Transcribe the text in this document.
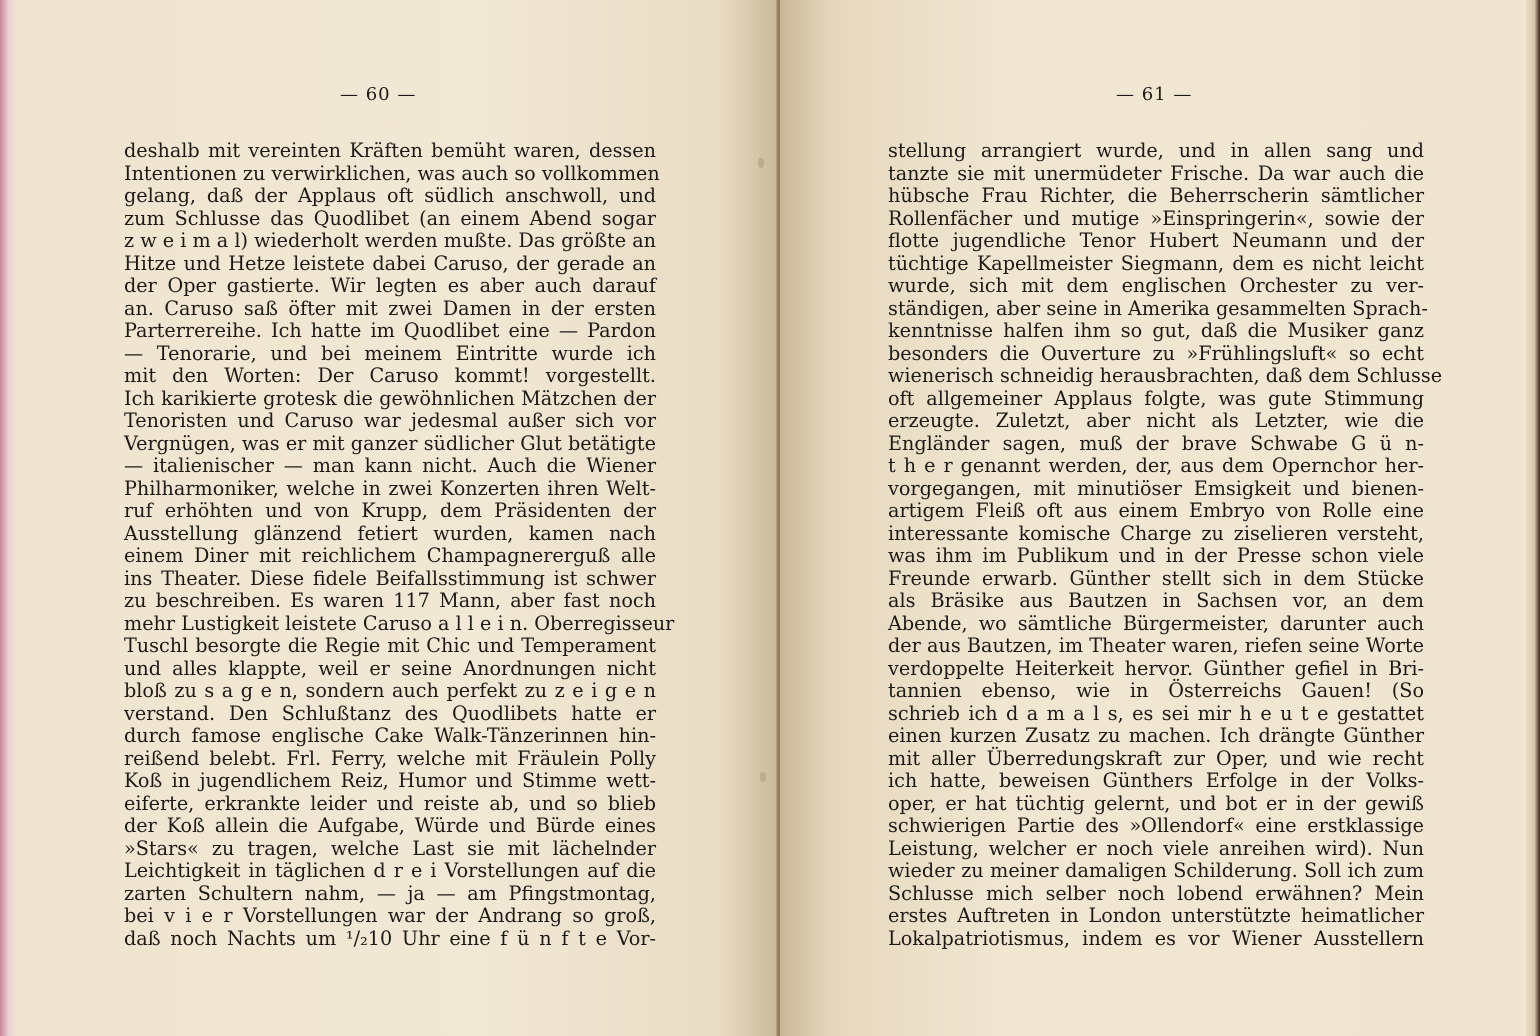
— 60 —
deshalb mit vereinten Kräften bemüht waren, dessen
Intentionen zu verwirklichen, was auch so vollkommen
gelang, daß der Applaus oft südlich anschwoll, und
zum Schlusse das Quodlibet (an einem Abend sogar
z w e i m a l) wiederholt werden mußte. Das größte an
Hitze und Hetze leistete dabei Caruso, der gerade an
der Oper gastierte. Wir legten es aber auch darauf
an. Caruso saß öfter mit zwei Damen in der ersten
Parterrereihe. Ich hatte im Quodlibet eine — Pardon
— Tenorarie, und bei meinem Eintritte wurde ich
mit den Worten: Der Caruso kommt! vorgestellt.
Ich karikierte grotesk die gewöhnlichen Mätzchen der
Tenoristen und Caruso war jedesmal außer sich vor
Vergnügen, was er mit ganzer südlicher Glut betätigte
— italienischer — man kann nicht. Auch die Wiener
Philharmoniker, welche in zwei Konzerten ihren Welt-
ruf erhöhten und von Krupp, dem Präsidenten der
Ausstellung glänzend fetiert wurden, kamen nach
einem Diner mit reichlichem Champagnererguß alle
ins Theater. Diese fidele Beifallsstimmung ist schwer
zu beschreiben. Es waren 117 Mann, aber fast noch
mehr Lustigkeit leistete Caruso a l l e i n. Oberregisseur
Tuschl besorgte die Regie mit Chic und Temperament
und alles klappte, weil er seine Anordnungen nicht
bloß zu s a g e n, sondern auch perfekt zu z e i g e n
verstand. Den Schlußtanz des Quodlibets hatte er
durch famose englische Cake Walk-Tänzerinnen hin-
reißend belebt. Frl. Ferry, welche mit Fräulein Polly
Koß in jugendlichem Reiz, Humor und Stimme wett-
eiferte, erkrankte leider und reiste ab, und so blieb
der Koß allein die Aufgabe, Würde und Bürde eines
»Stars« zu tragen, welche Last sie mit lächelnder
Leichtigkeit in täglichen d r e i Vorstellungen auf die
zarten Schultern nahm, — ja — am Pfingstmontag,
bei v i e r Vorstellungen war der Andrang so groß,
daß noch Nachts um ¹/₂10 Uhr eine f ü n f t e Vor-
— 61 —
stellung arrangiert wurde, und in allen sang und
tanzte sie mit unermüdeter Frische. Da war auch die
hübsche Frau Richter, die Beherrscherin sämtlicher
Rollenfächer und mutige »Einspringerin«, sowie der
flotte jugendliche Tenor Hubert Neumann und der
tüchtige Kapellmeister Siegmann, dem es nicht leicht
wurde, sich mit dem englischen Orchester zu ver-
ständigen, aber seine in Amerika gesammelten Sprach-
kenntnisse halfen ihm so gut, daß die Musiker ganz
besonders die Ouverture zu »Frühlingsluft« so echt
wienerisch schneidig herausbrachten, daß dem Schlusse
oft allgemeiner Applaus folgte, was gute Stimmung
erzeugte. Zuletzt, aber nicht als Letzter, wie die
Engländer sagen, muß der brave Schwabe G ü n-
t h e r genannt werden, der, aus dem Opernchor her-
vorgegangen, mit minutiöser Emsigkeit und bienen-
artigem Fleiß oft aus einem Embryo von Rolle eine
interessante komische Charge zu ziselieren versteht,
was ihm im Publikum und in der Presse schon viele
Freunde erwarb. Günther stellt sich in dem Stücke
als Bräsike aus Bautzen in Sachsen vor, an dem
Abende, wo sämtliche Bürgermeister, darunter auch
der aus Bautzen, im Theater waren, riefen seine Worte
verdoppelte Heiterkeit hervor. Günther gefiel in Bri-
tannien ebenso, wie in Österreichs Gauen! (So
schrieb ich d a m a l s, es sei mir h e u t e gestattet
einen kurzen Zusatz zu machen. Ich drängte Günther
mit aller Überredungskraft zur Oper, und wie recht
ich hatte, beweisen Günthers Erfolge in der Volks-
oper, er hat tüchtig gelernt, und bot er in der gewiß
schwierigen Partie des »Ollendorf« eine erstklassige
Leistung, welcher er noch viele anreihen wird). Nun
wieder zu meiner damaligen Schilderung. Soll ich zum
Schlusse mich selber noch lobend erwähnen? Mein
erstes Auftreten in London unterstützte heimatlicher
Lokalpatriotismus, indem es vor Wiener Ausstellern
